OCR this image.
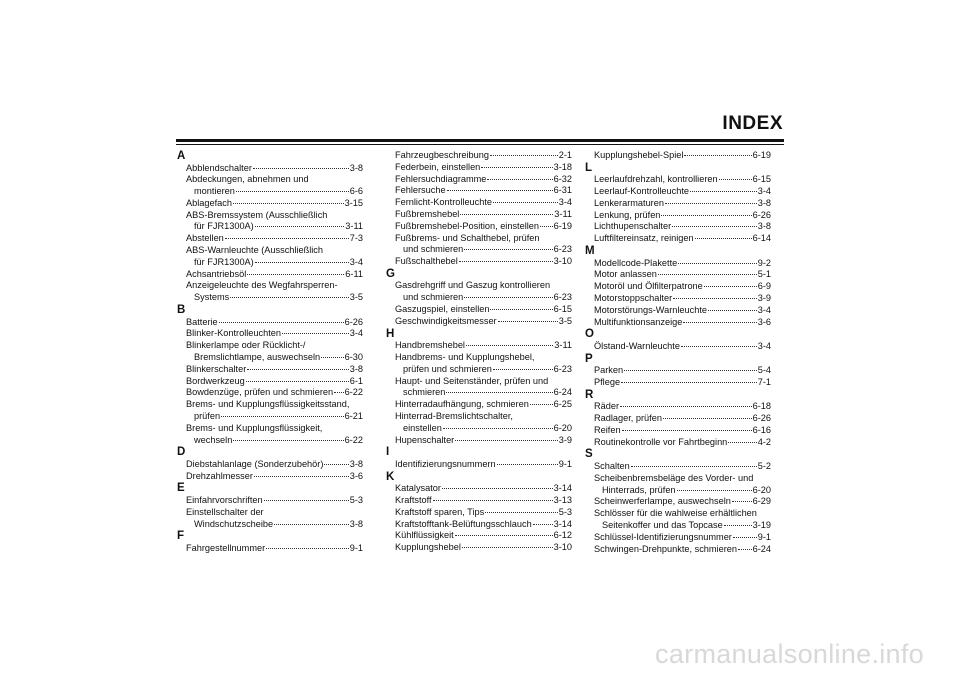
INDEX
A
Abblendschalter	3-8
Abdeckungen, abnehmen und
montieren	6-6
Ablagefach	3-15
ABS-Bremssystem (Ausschließlich
für FJR1300A)	3-11
Abstellen	7-3
ABS-Warnleuchte (Ausschließlich
für FJR1300A)	3-4
Achsantriebsöl	6-11
Anzeigeleuchte des Wegfahrsperren-
Systems	3-5
B
Batterie	6-26
Blinker-Kontrolleuchten	3-4
Blinkerlampe oder Rücklicht-/
Bremslichtlampe, auswechseln	6-30
Blinkerschalter	3-8
Bordwerkzeug	6-1
Bowdenzüge, prüfen und schmieren 6-22
Brems- und Kupplungsflüssigkeitsstand,
prüfen	6-21
Brems- und Kupplungsflüssigkeit,
wechseln	6-22
D
Diebstahlanlage (Sonderzubehör)	3-8
Drehzahlmesser	3-6
E
Einfahrvorschriften	5-3
Einstellschalter der
Windschutzscheibe	3-8
F
Fahrgestellnummer	9-1
Fahrzeugbeschreibung	2-1
Federbein, einstellen	3-18
Fehlersuchdiagramme	6-32
Fehlersuche	6-31
Fernlicht-Kontrolleuchte	3-4
Fußbremshebel	3-11
Fußbremshebel-Position, einstellen 6-19
Fußbrems- und Schalthebel, prüfen
und schmieren	6-23
Fußschalthebel	3-10
G
Gasdrehgriff und Gaszug kontrollieren
und schmieren	6-23
Gaszugspiel, einstellen	6-15
Geschwindigkeitsmesser	3-5
H
Handbremshebel	3-11
Handbrems- und Kupplungshebel,
prüfen und schmieren	6-23
Haupt- und Seitenständer, prüfen und
schmieren	6-24
Hinterradaufhängung, schmieren	6-25
Hinterrad-Bremslichtschalter,
einstellen	6-20
Hupenschalter	3-9
I
Identifizierungsnummern	9-1
K
Katalysator	3-14
Kraftstoff	3-13
Kraftstoff sparen, Tips	5-3
Kraftstofftank-Belüftungsschlauch 3-14
Kühlflüssigkeit	6-12
Kupplungshebel	3-10
Kupplungshebel-Spiel	6-19
L
Leerlaufdrehzahl, kontrollieren	6-15
Leerlauf-Kontrolleuchte	3-4
Lenkerarmaturen	3-8
Lenkung, prüfen	6-26
Lichthupenschalter	3-8
Luftfiltereinsatz, reinigen	6-14
M
Modellcode-Plakette	9-2
Motor anlassen	5-1
Motoröl und Ölfilterpatrone	6-9
Motorstoppschalter	3-9
Motorstörungs-Warnleuchte	3-4
Multifunktionsanzeige	3-6
O
Ölstand-Warnleuchte	3-4
P
Parken	5-4
Pflege	7-1
R
Räder	6-18
Radlager, prüfen	6-26
Reifen	6-16
Routinekontrolle vor Fahrtbeginn	4-2
S
Schalten	5-2
Scheibenbremsbeläge des Vorder- und
Hinterrads, prüfen	6-20
Scheinwerferlampe, auswechseln 6-29
Schlösser für die wahlweise erhältlichen
Seitenkoffer und das Topcase	3-19
Schlüssel-Identifizierungsnummer	9-1
Schwingen-Drehpunkte, schmieren 6-24
carmanualsonline.info
